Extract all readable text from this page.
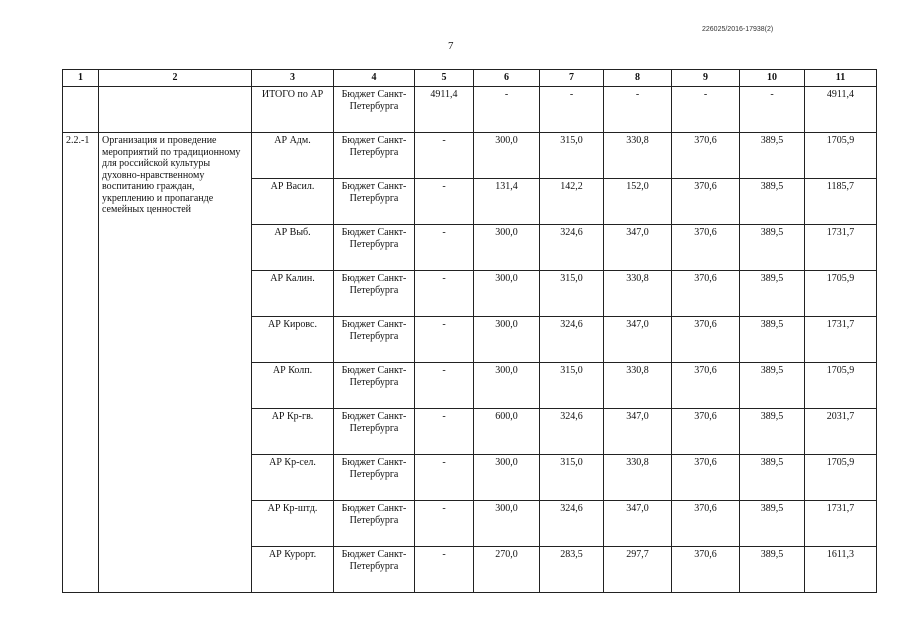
226025/2016-17938(2)
7
1	2	3	4	5	6	7	8	9	10	11
		ИТОГО по АР	Бюджет Санкт-Петербурга	4911,4	-	-	-	-	-	4911,4
2.2.-1	Организация и проведение мероприятий по традиционному для российской культуры духовно-нравственному воспитанию граждан, укреплению и пропаганде семейных ценностей	АР Адм.	Бюджет Санкт-Петербурга	-	300,0	315,0	330,8	370,6	389,5	1705,9
		АР Васил.	Бюджет Санкт-Петербурга	-	131,4	142,2	152,0	370,6	389,5	1185,7
		АР Выб.	Бюджет Санкт-Петербурга	-	300,0	324,6	347,0	370,6	389,5	1731,7
		АР Калин.	Бюджет Санкт-Петербурга	-	300,0	315,0	330,8	370,6	389,5	1705,9
		АР Кировс.	Бюджет Санкт-Петербурга	-	300,0	324,6	347,0	370,6	389,5	1731,7
		АР Колп.	Бюджет Санкт-Петербурга	-	300,0	315,0	330,8	370,6	389,5	1705,9
		АР Кр-гв.	Бюджет Санкт-Петербурга	-	600,0	324,6	347,0	370,6	389,5	2031,7
		АР Кр-сел.	Бюджет Санкт-Петербурга	-	300,0	315,0	330,8	370,6	389,5	1705,9
		АР Кр-штд.	Бюджет Санкт-Петербурга	-	300,0	324,6	347,0	370,6	389,5	1731,7
		АР Курорт.	Бюджет Санкт-Петербурга	-	270,0	283,5	297,7	370,6	389,5	1611,3
